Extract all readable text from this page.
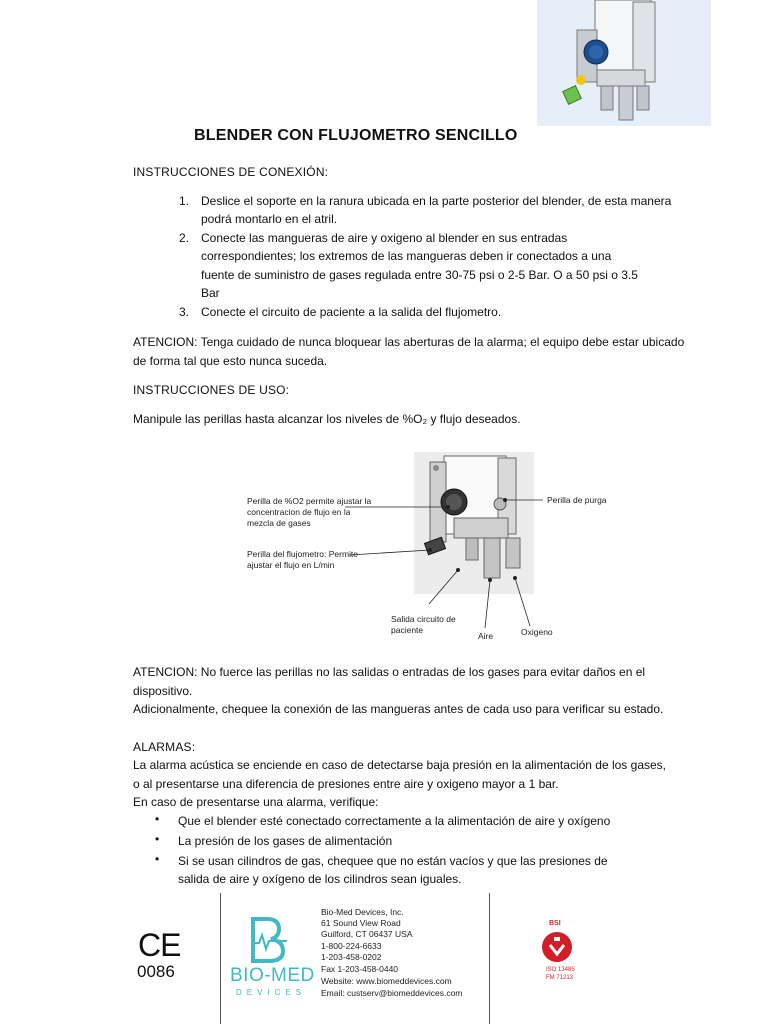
BLENDER CON FLUJOMETRO SENCILLO
INSTRUCCIONES DE CONEXIÓN:
1. Deslice el soporte en la ranura ubicada en la parte posterior del blender, de esta manera
podrá montarlo en el atril.
2. Conecte las mangueras de aire y oxigeno al blender en sus entradas
correspondientes; los extremos de las mangueras deben ir conectados a una
fuente de suministro de gases regulada entre 30-75 psi o 2-5 Bar. O a 50 psi o 3.5
Bar
3. Conecte el circuito de paciente a la salida del flujometro.
ATENCION: Tenga cuidado de nunca bloquear las aberturas de la alarma; el equipo debe estar ubicado
de forma tal que esto nunca suceda.
INSTRUCCIONES DE USO:
Manipule las perillas hasta alcanzar los niveles de %O₂ y flujo deseados.
Perilla de %O2 permite ajustar la
concentracion de flujo en la
mezcla de gases
Perilla de purga
Perilla del flujometro: Permite
ajustar el flujo en L/min
Salida circuito de
paciente
Aire	Oxigeno
ATENCION: No fuerce las perillas no las salidas o entradas de los gases para evitar daños en el
dispositivo.
Adicionalmente, chequee la conexión de las mangueras antes de cada uso para verificar su estado.
ALARMAS:
La alarma acústica se enciende en caso de detectarse baja presión en la alimentación de los gases,
o al presentarse una diferencia de presiones entre aire y oxigeno mayor a 1 bar.
En caso de presentarse una alarma, verifique:
• Que el blender esté conectado correctamente a la alimentación de aire y oxígeno
• La presión de los gases de alimentación
• Si se usan cilindros de gas, chequee que no están vacíos y que las presiones de
salida de aire y oxígeno de los cilindros sean iguales.
CE
0086	BIO-MED
DEVICES
Bio-Med Devices, Inc.
61 Sound View Road
Guilford, CT 06437 USA
1-800-224-6633
1-203-458-0202
Fax 1-203-458-0440
Website: www.biomeddevices.com
Email: custserv@biomeddevices.com
BSI
ISO 13485
FM 71213
